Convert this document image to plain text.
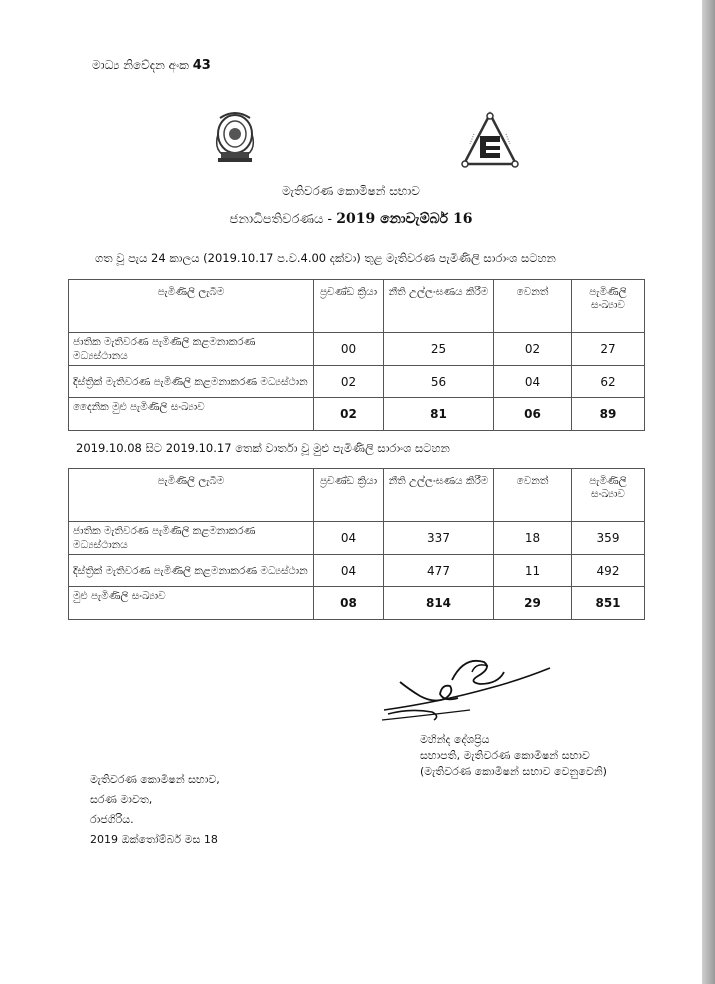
මාධ්‍ය නිවේදන අංක 43
මැතිවරණ කොමිෂන් සභාව
ජනාධිපතිවරණය - 2019 නොවැම්බර් 16
ගත වූ පැය 24 කාලය (2019.10.17 ප.ව.4.00 දක්වා) තුළ මැතිවරණ පැමිණිලි සාරාංශ සටහන
පැමිණිලි ලැබීම	ප්‍රචණ්ඩ ක්‍රියා	නීති උල්ලංඝණය කිරීම	වෙනත්	පැමිණිලි සංඛ්‍යාව
ජාතික මැතිවරණ පැමිණිලි කළමනාකරණ මධ්‍යස්ථානය	00	25	02	27
දිස්ත්‍රික් මැතිවරණ පැමිණිලි කළමනාකරණ මධ්‍යස්ථාන	02	56	04	62
දෛනික මුළු පැමිණිලි සංඛ්‍යාව	02	81	06	89
2019.10.08 සිට 2019.10.17 තෙක් වාර්තා වූ මුළු පැමිණිලි සාරාංශ සටහන
පැමිණිලි ලැබීම	ප්‍රචණ්ඩ ක්‍රියා	නීති උල්ලංඝණය කිරීම	වෙනත්	පැමිණිලි සංඛ්‍යාව
ජාතික මැතිවරණ පැමිණිලි කළමනාකරණ මධ්‍යස්ථානය	04	337	18	359
දිස්ත්‍රික් මැතිවරණ පැමිණිලි කළමනාකරණ මධ්‍යස්ථාන	04	477	11	492
මුළු පැමිණිලි සංඛ්‍යාව	08	814	29	851
මහින්ද දේශප්‍රිය
සභාපති, මැතිවරණ කොමිෂන් සභාව
(මැතිවරණ කොමිෂන් සභාව වෙනුවෙනි)
මැතිවරණ කොමිෂන් සභාව,
සරණ මාවත,
රාජගිරිය.
2019 ඔක්තෝම්බර් මස 18
